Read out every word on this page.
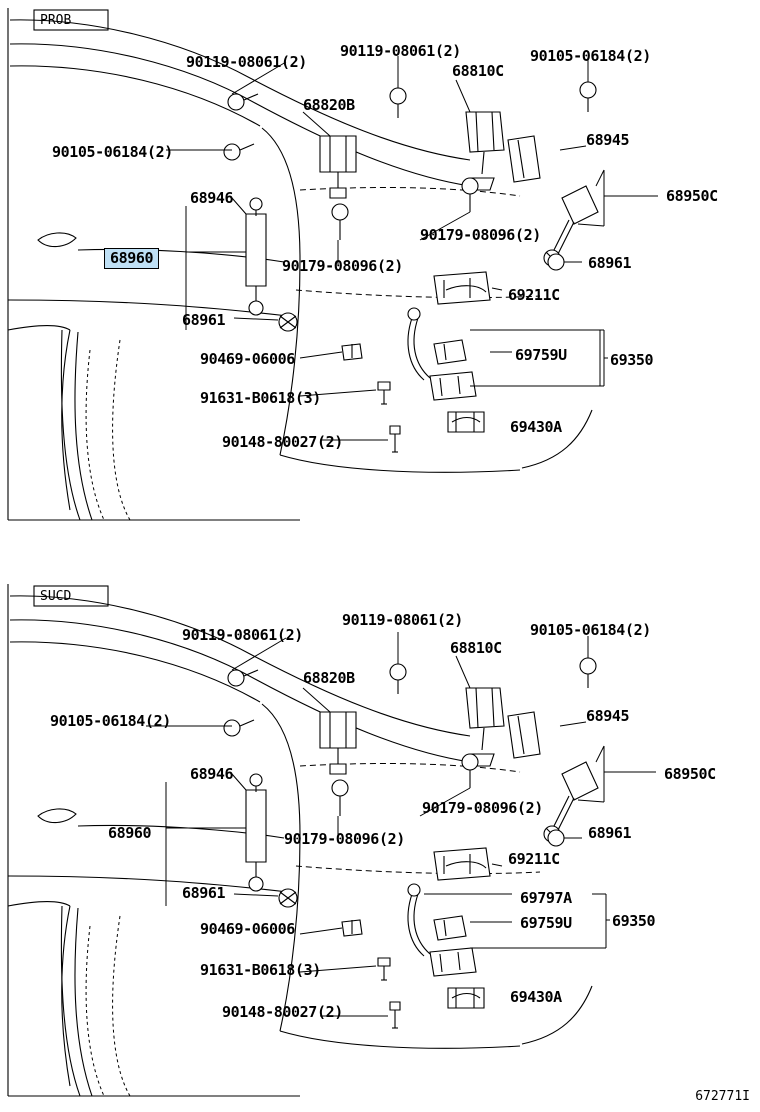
PROB
SUCD
90119-08061(2)
90119-08061(2)
68810C
90105-06184(2)
68820B
68945
90105-06184(2)
68950C
68946
90179-08096(2)
68960	90179-08096(2)	68961
68961
69211C
90469-06006	69759U	69350
91631-B0618(3)
69430A
90148-80027(2)
90119-08061(2)
90119-08061(2)
68810C
90105-06184(2)
68820B
68945
90105-06184(2)
68950C
68946
90179-08096(2)
68960	90179-08096(2)	68961
69211C
68961	69797A
90469-06006	69759U	69350
91631-B0618(3)
69430A
90148-80027(2)
672771I
